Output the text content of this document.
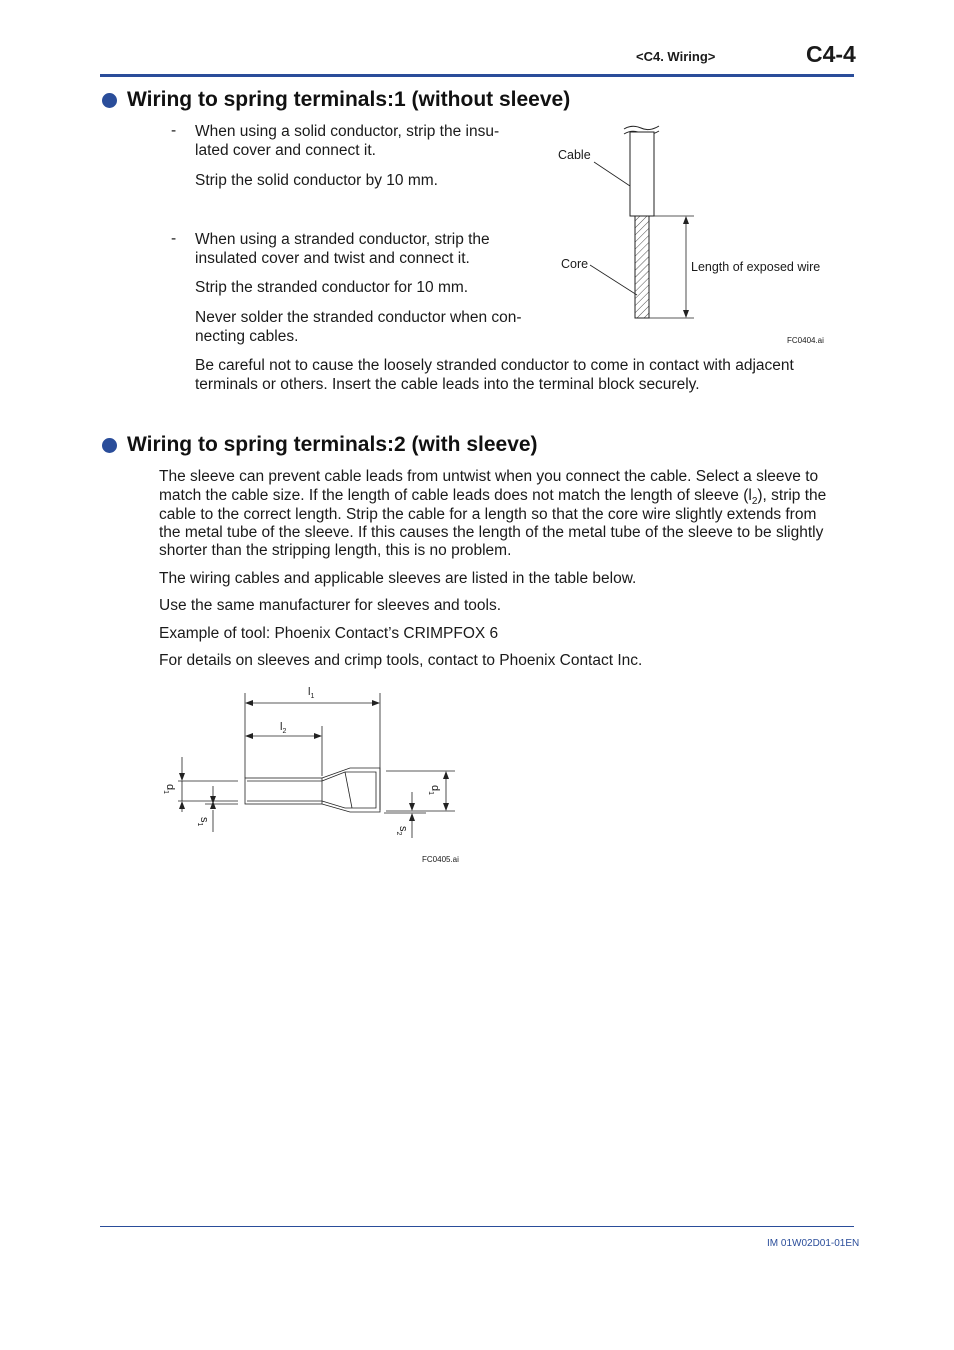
<C4. Wiring>	C4-4
Wiring to spring terminals:1 (without sleeve)
- When using a solid conductor, strip the insu-
lated cover and connect it.
Strip the solid conductor by 10 mm.
- When using a stranded conductor, strip the
insulated cover and twist and connect it.
Strip the stranded conductor for 10 mm.
Never solder the stranded conductor when con-
necting cables.
Be careful not to cause the loosely stranded conductor to come in contact with adjacent
terminals or others. Insert the cable leads into the terminal block securely.
Cable
Core	Length of exposed wire
FC0404.ai
Wiring to spring terminals:2 (with sleeve)
The sleeve can prevent cable leads from untwist when you connect the cable. Select a sleeve to
match the cable size. If the length of cable leads does not match the length of sleeve $(l_2)$, strip the
cable to the correct length. Strip the cable for a length so that the core wire slightly extends from
the metal tube of the sleeve. If this causes the length of the metal tube of the sleeve to be slightly
shorter than the stripping length, this is no problem.
The wiring cables and applicable sleeves are listed in the table below.
Use the same manufacturer for sleeves and tools.
Example of tool: Phoenix Contact’s CRIMPFOX 6
For details on sleeves and crimp tools, contact to Phoenix Contact Inc.
$l_1$
$l_2$
$d_1$
$s_1$
$d_1$
$s_2$
FC0405.ai
IM 01W02D01-01EN
